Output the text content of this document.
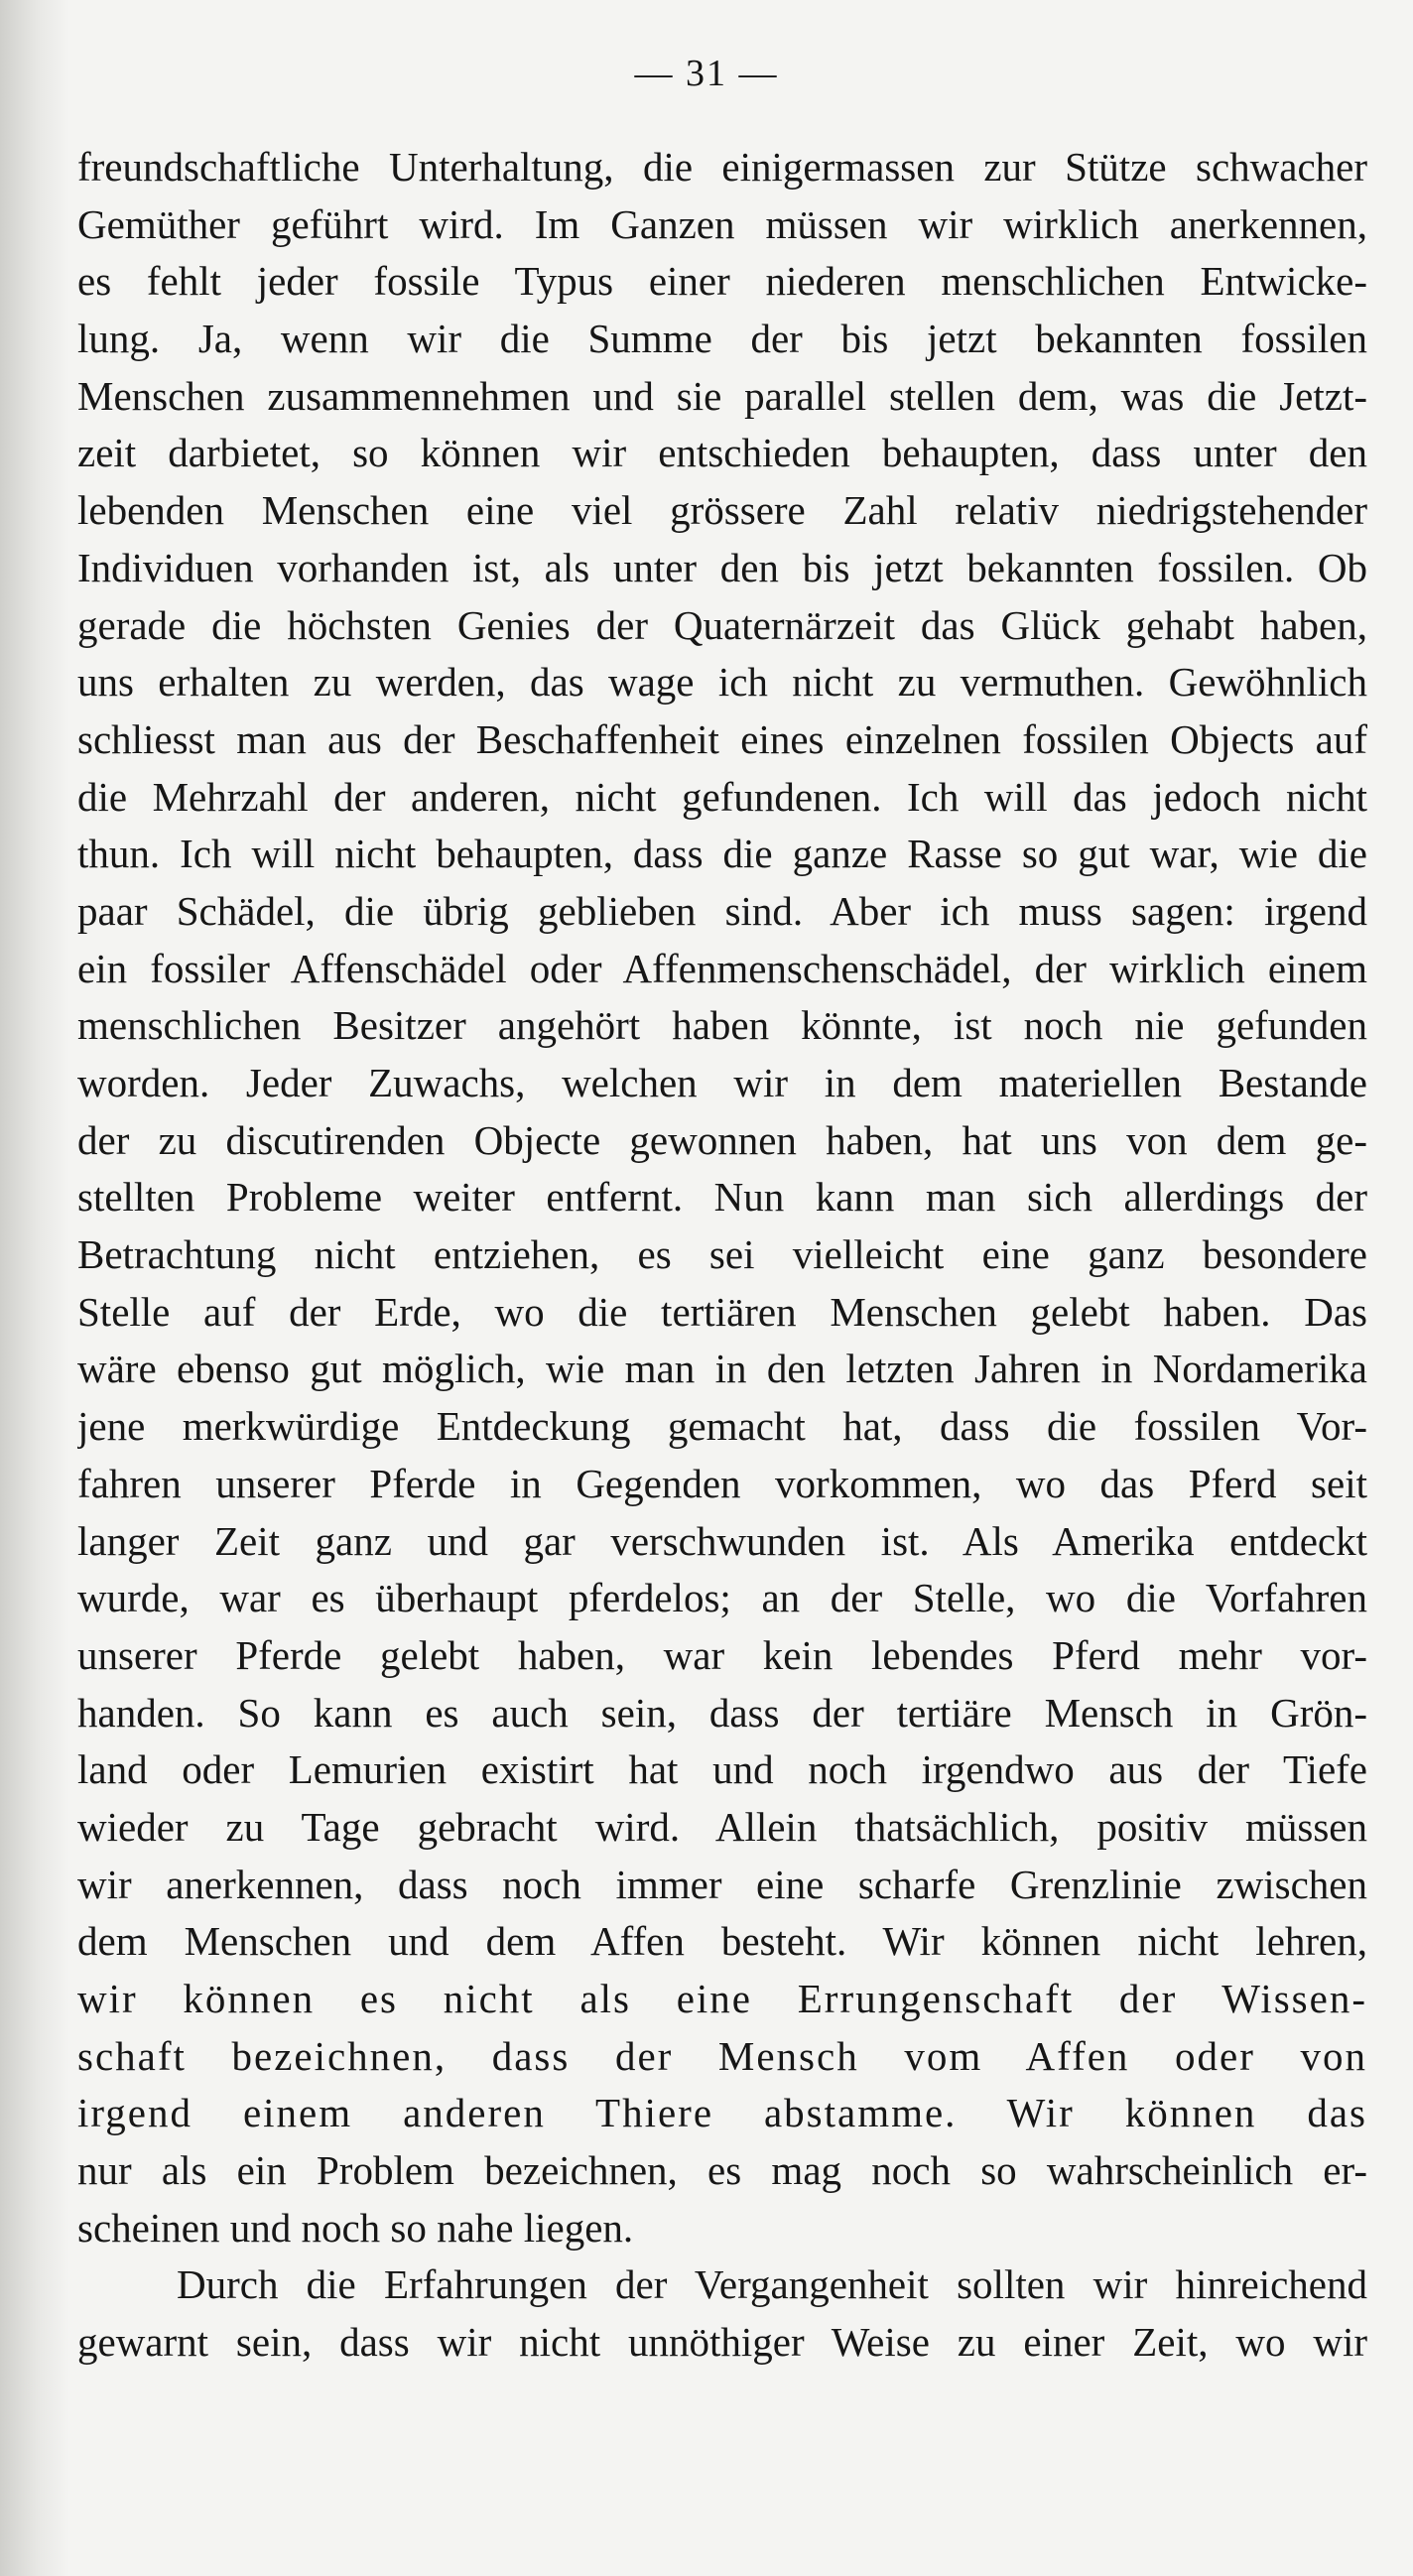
— 31 —
freundschaftliche Unterhaltung, die einigermassen zur Stütze schwacher
Gemüther geführt wird. Im Ganzen müssen wir wirklich anerkennen,
es fehlt jeder fossile Typus einer niederen menschlichen Entwicke-
lung. Ja, wenn wir die Summe der bis jetzt bekannten fossilen
Menschen zusammennehmen und sie parallel stellen dem, was die Jetzt-
zeit darbietet, so können wir entschieden behaupten, dass unter den
lebenden Menschen eine viel grössere Zahl relativ niedrigstehender
Individuen vorhanden ist, als unter den bis jetzt bekannten fossilen. Ob
gerade die höchsten Genies der Quaternärzeit das Glück gehabt haben,
uns erhalten zu werden, das wage ich nicht zu vermuthen. Gewöhnlich
schliesst man aus der Beschaffenheit eines einzelnen fossilen Objects auf
die Mehrzahl der anderen, nicht gefundenen. Ich will das jedoch nicht
thun. Ich will nicht behaupten, dass die ganze Rasse so gut war, wie die
paar Schädel, die übrig geblieben sind. Aber ich muss sagen: irgend
ein fossiler Affenschädel oder Affenmenschenschädel, der wirklich einem
menschlichen Besitzer angehört haben könnte, ist noch nie gefunden
worden. Jeder Zuwachs, welchen wir in dem materiellen Bestande
der zu discutirenden Objecte gewonnen haben, hat uns von dem ge-
stellten Probleme weiter entfernt. Nun kann man sich allerdings der
Betrachtung nicht entziehen, es sei vielleicht eine ganz besondere
Stelle auf der Erde, wo die tertiären Menschen gelebt haben. Das
wäre ebenso gut möglich, wie man in den letzten Jahren in Nordamerika
jene merkwürdige Entdeckung gemacht hat, dass die fossilen Vor-
fahren unserer Pferde in Gegenden vorkommen, wo das Pferd seit
langer Zeit ganz und gar verschwunden ist. Als Amerika entdeckt
wurde, war es überhaupt pferdelos; an der Stelle, wo die Vorfahren
unserer Pferde gelebt haben, war kein lebendes Pferd mehr vor-
handen. So kann es auch sein, dass der tertiäre Mensch in Grön-
land oder Lemurien existirt hat und noch irgendwo aus der Tiefe
wieder zu Tage gebracht wird. Allein thatsächlich, positiv müssen
wir anerkennen, dass noch immer eine scharfe Grenzlinie zwischen
dem Menschen und dem Affen besteht. Wir können nicht lehren,
wir können es nicht als eine Errungenschaft der Wissen-
schaft bezeichnen, dass der Mensch vom Affen oder von
irgend einem anderen Thiere abstamme. Wir können das
nur als ein Problem bezeichnen, es mag noch so wahrscheinlich er-
scheinen und noch so nahe liegen.
Durch die Erfahrungen der Vergangenheit sollten wir hinreichend
gewarnt sein, dass wir nicht unnöthiger Weise zu einer Zeit, wo wir
